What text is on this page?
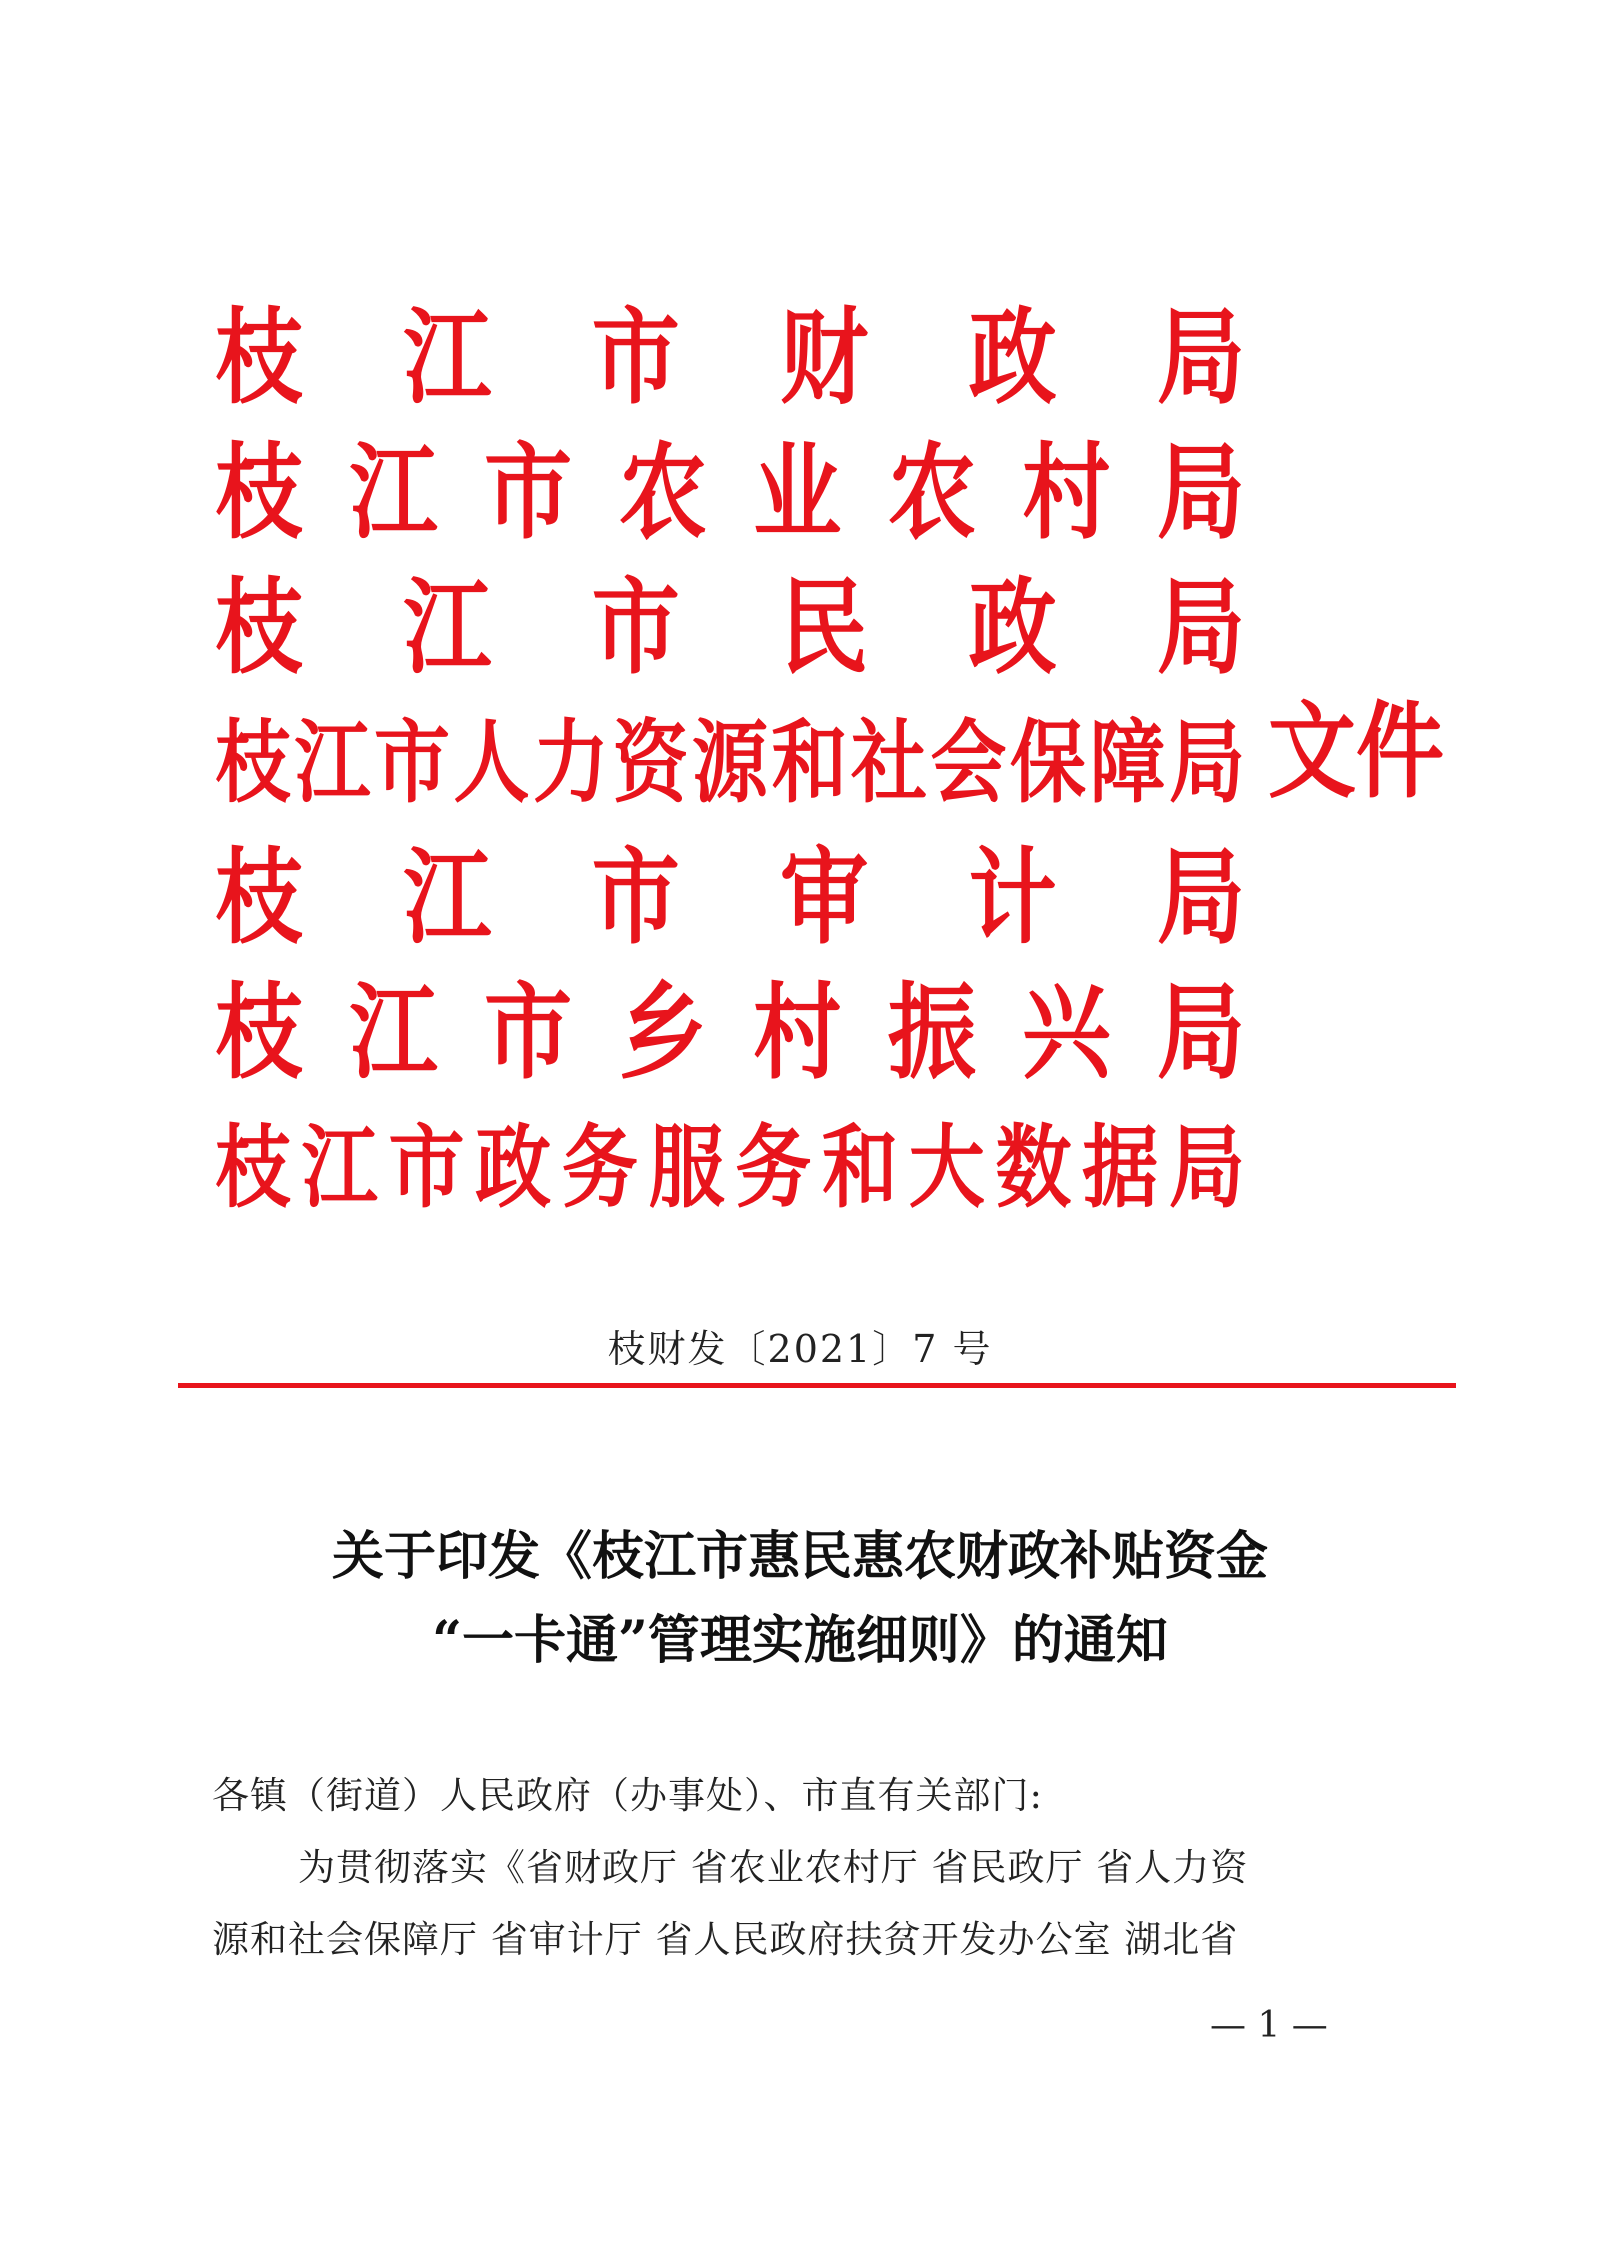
枝 江 市 财 政 局
枝 江 市 农 业 农 村 局
枝 江 市 民 政 局
枝 江 市 人 力 资 源 和 社 会 保 障 局
枝 江 市 审 计 局
枝 江 市 乡 村 振 兴 局
枝 江 市 政 务 服 务 和 大 数 据 局
文件
枝财发〔2021〕7 号
关于印发《枝江市惠民惠农财政补贴资金
“一卡通”管理实施细则》的通知
各镇（街道）人民政府（办事处）、市直有关部门:
为贯彻落实《省财政厅 省农业农村厅 省民政厅 省人力资
源和社会保障厅 省审计厅 省人民政府扶贫开发办公室 湖北省
— 1 —
